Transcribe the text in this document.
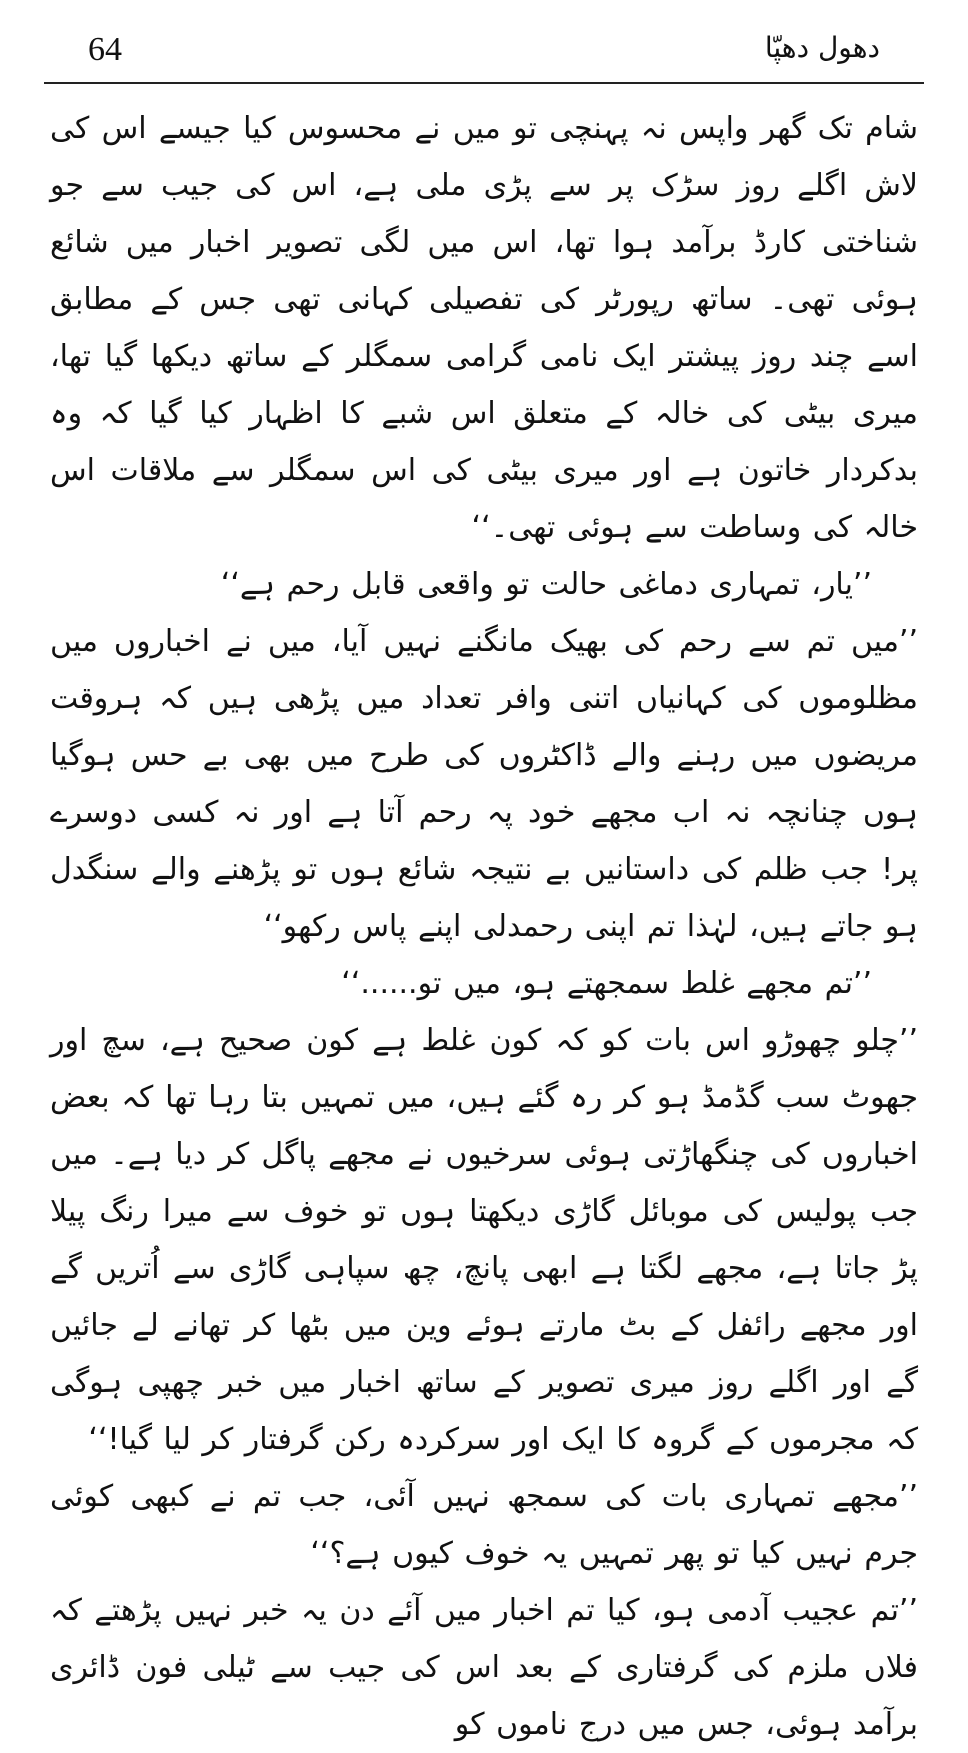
64	دھول دھپّا

شام تک گھر واپس نہ پہنچی تو میں نے محسوس کیا جیسے اس کی لاش اگلے روز سڑک پر سے پڑی ملی ہے، اس کی جیب سے جو شناختی کارڈ برآمد ہوا تھا، اس میں لگی تصویر اخبار میں شائع ہوئی تھی۔ ساتھ رپورٹر کی تفصیلی کہانی تھی جس کے مطابق اسے چند روز پیشتر ایک نامی گرامی سمگلر کے ساتھ دیکھا گیا تھا، میری بیٹی کی خالہ کے متعلق اس شبے کا اظہار کیا گیا کہ وہ بدکردار خاتون ہے اور میری بیٹی کی اس سمگلر سے ملاقات اس خالہ کی وساطت سے ہوئی تھی۔‘‘

’’یار، تمہاری دماغی حالت تو واقعی قابل رحم ہے‘‘

’’میں تم سے رحم کی بھیک مانگنے نہیں آیا، میں نے اخباروں میں مظلوموں کی کہانیاں اتنی وافر تعداد میں پڑھی ہیں کہ ہروقت مریضوں میں رہنے والے ڈاکٹروں کی طرح میں بھی بے حس ہوگیا ہوں چنانچہ نہ اب مجھے خود پہ رحم آتا ہے اور نہ کسی دوسرے پر! جب ظلم کی داستانیں بے نتیجہ شائع ہوں تو پڑھنے والے سنگدل ہو جاتے ہیں، لہٰذا تم اپنی رحمدلی اپنے پاس رکھو‘‘

’’تم مجھے غلط سمجھتے ہو، میں تو......‘‘

’’چلو چھوڑو اس بات کو کہ کون غلط ہے کون صحیح ہے، سچ اور جھوٹ سب گڈمڈ ہو کر رہ گئے ہیں، میں تمہیں بتا رہا تھا کہ بعض اخباروں کی چنگھاڑتی ہوئی سرخیوں نے مجھے پاگل کر دیا ہے۔ میں جب پولیس کی موبائل گاڑی دیکھتا ہوں تو خوف سے میرا رنگ پیلا پڑ جاتا ہے، مجھے لگتا ہے ابھی پانچ، چھ سپاہی گاڑی سے اُتریں گے اور مجھے رائفل کے بٹ مارتے ہوئے وین میں بٹھا کر تھانے لے جائیں گے اور اگلے روز میری تصویر کے ساتھ اخبار میں خبر چھپی ہوگی کہ مجرموں کے گروہ کا ایک اور سرکردہ رکن گرفتار کر لیا گیا!‘‘

’’مجھے تمہاری بات کی سمجھ نہیں آئی، جب تم نے کبھی کوئی جرم نہیں کیا تو پھر تمہیں یہ خوف کیوں ہے؟‘‘

’’تم عجیب آدمی ہو، کیا تم اخبار میں آئے دن یہ خبر نہیں پڑھتے کہ فلاں ملزم کی گرفتاری کے بعد اس کی جیب سے ٹیلی فون ڈائری برآمد ہوئی، جس میں درج ناموں کو
